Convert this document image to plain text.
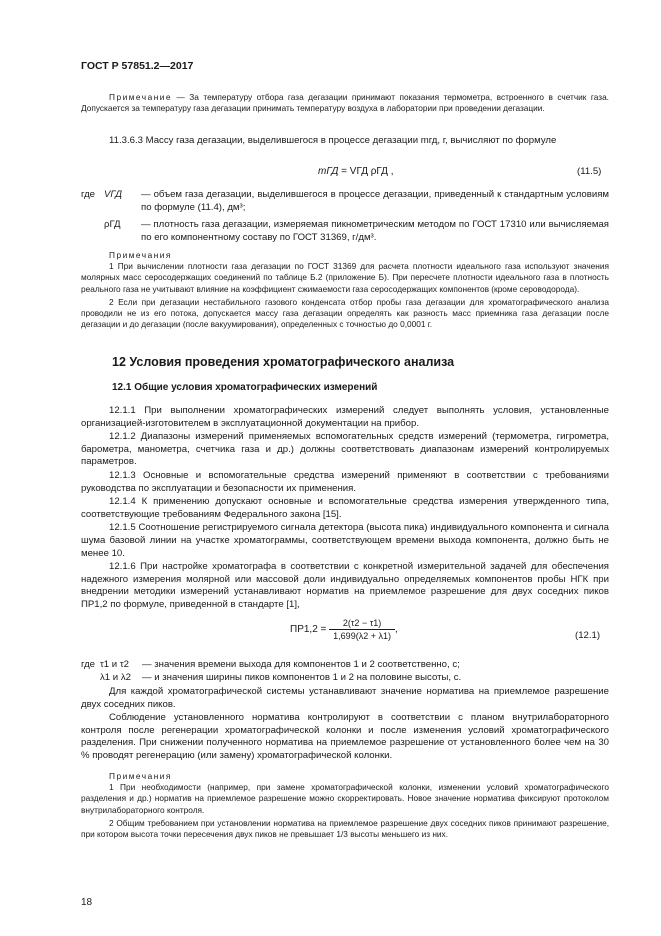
ГОСТ Р 57851.2—2017

Примечание — За температуру отбора газа дегазации принимают показания термометра, встроенного в счетчик газа. Допускается за температуру газа дегазации принимать температуру воздуха в лаборатории при проведении дегазации.

11.3.6.3 Массу газа дегазации, выделившегося в процессе дегазации mгд, г, вычисляют по формуле

mГД = VГД ρГД ,	(11.5)
где VГД — объем газа дегазации, выделившегося в процессе дегазации, приведенный к стандартным условиям по формуле (11.4), дм³;
ρГД — плотность газа дегазации, измеряемая пикнометрическим методом по ГОСТ 17310 или вычисляемая по его компонентному составу по ГОСТ 31369, г/дм³.

Примечания

1 При вычислении плотности газа дегазации по ГОСТ 31369 для расчета плотности идеального газа используют значения молярных масс серосодержащих соединений по таблице Б.2 (приложение Б). При пересчете плотности идеального газа в плотность реального газа не учитывают влияние на коэффициент сжимаемости газа серосодержащих компонентов (кроме сероводорода).

2 Если при дегазации нестабильного газового конденсата отбор пробы газа дегазации для хроматографического анализа проводили не из его потока, допускается массу газа дегазации определять как разность масс приемника газа дегазации после дегазации и до дегазации (после вакуумирования), определенных с точностью до 0,0001 г.

12 Условия проведения хроматографического анализа
12.1 Общие условия хроматографических измерений

12.1.1 При выполнении хроматографических измерений следует выполнять условия, установленные организацией-изготовителем в эксплуатационной документации на прибор.

12.1.2 Диапазоны измерений применяемых вспомогательных средств измерений (термометра, гигрометра, барометра, манометра, счетчика газа и др.) должны соответствовать диапазонам измерений контролируемых параметров.

12.1.3 Основные и вспомогательные средства измерений применяют в соответствии с требованиями руководства по эксплуатации и безопасности их применения.

12.1.4 К применению допускают основные и вспомогательные средства измерения утвержденного типа, соответствующие требованиям Федерального закона [15].

12.1.5 Соотношение регистрируемого сигнала детектора (высота пика) индивидуального компонента и сигнала шума базовой линии на участке хроматограммы, соответствующем времени выхода компонента, должно быть не менее 10.

12.1.6 При настройке хроматографа в соответствии с конкретной измерительной задачей для обеспечения надежного измерения молярной или массовой доли индивидуально определяемых компонентов пробы НГК при внедрении методики измерений устанавливают норматив на приемлемое разрешение для двух соседних пиков ПР1,2 по формуле, приведенной в стандарте [1],

$ПР1,2 = \frac{2(\tau 2 - \tau 1)}{1,699(\lambda 2 + \lambda 1)}$ ,
(12.1)
где τ1 и τ2 — значения времени выхода для компонентов 1 и 2 соответственно, с;
λ1 и λ2 — и значения ширины пиков компонентов 1 и 2 на половине высоты, с.

Для каждой хроматографической системы устанавливают значение норматива на приемлемое разрешение двух соседних пиков.

Соблюдение установленного норматива контролируют в соответствии с планом внутрилабораторного контроля после регенерации хроматографической колонки и после изменения условий хроматографического разделения. При снижении полученного норматива на приемлемое разрешение от установленного более чем на 30 % проводят регенерацию (или замену) хроматографической колонки.

Примечания

1 При необходимости (например, при замене хроматографической колонки, изменении условий хроматографического разделения и др.) норматив на приемлемое разрешение можно скорректировать. Новое значение норматива фиксируют протоколом внутрилабораторного контроля.

2 Общим требованием при установлении норматива на приемлемое разрешение двух соседних пиков принимают разрешение, при котором высота точки пересечения двух пиков не превышает 1/3 высоты меньшего из них.

18
